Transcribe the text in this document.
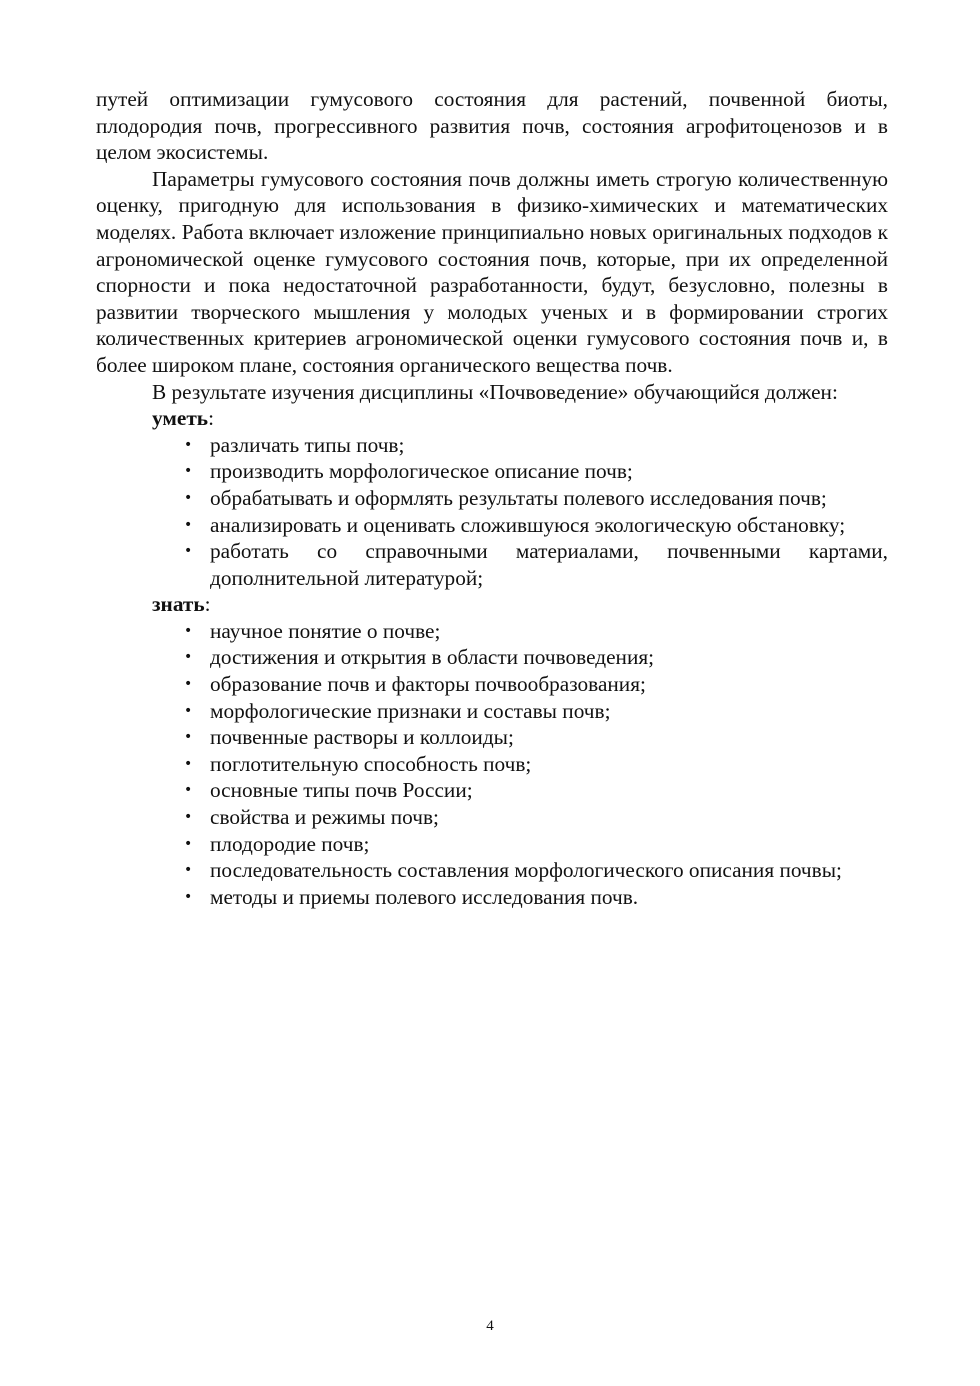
путей оптимизации гумусового состояния для растений, почвенной биоты, плодородия почв, прогрессивного развития почв, состояния агрофитоценозов и в целом экосистемы.

Параметры гумусового состояния почв должны иметь строгую количественную оценку, пригодную для использования в физико-химических и математических моделях. Работа включает изложение принципиально новых оригинальных подходов к агрономической оценке гумусового состояния почв, которые, при их определенной спорности и пока недостаточной разработанности, будут, безусловно, полезны в развитии творческого мышления у молодых ученых и в формировании строгих количественных критериев агрономической оценки гумусового состояния почв и, в более широком плане, состояния органического вещества почв.

В результате изучения дисциплины «Почвоведение» обучающийся должен:

уметь:

• различать типы почв;
• производить морфологическое описание почв;
• обрабатывать и оформлять результаты полевого исследования почв;
• анализировать и оценивать сложившуюся экологическую обстановку;
• работать со справочными материалами, почвенными картами, дополнительной литературой;

знать:

• научное понятие о почве;
• достижения и открытия в области почвоведения;
• образование почв и факторы почвообразования;
• морфологические признаки и составы почв;
• почвенные растворы и коллоиды;
• поглотительную способность почв;
• основные типы почв России;
• свойства и режимы почв;
• плодородие почв;
• последовательность составления морфологического описания почвы;
• методы и приемы полевого исследования почв.
4
